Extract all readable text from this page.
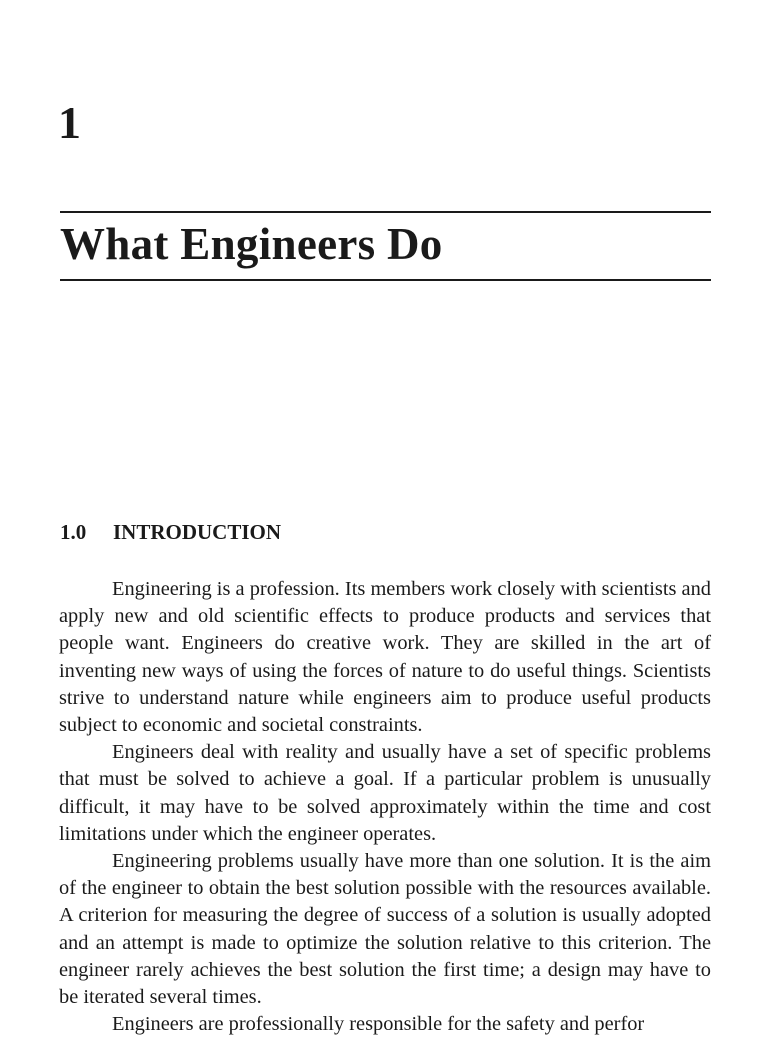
1
What Engineers Do
1.0 INTRODUCTION

Engineering is a profession. Its members work closely with scientists and apply new and old scientific effects to produce products and services that people want. Engineers do creative work. They are skilled in the art of inventing new ways of using the forces of nature to do useful things. Scientists strive to understand nature while engineers aim to produce useful products subject to economic and societal constraints.

Engineers deal with reality and usually have a set of specific problems that must be solved to achieve a goal. If a particular problem is unusually difficult, it may have to be solved approximately within the time and cost limitations under which the engineer operates.

Engineering problems usually have more than one solution. It is the aim of the engineer to obtain the best solution possible with the resources available. A criterion for measuring the degree of success of a solution is usually adopted and an attempt is made to optimize the solution relative to this criterion. The engineer rarely achieves the best solution the first time; a design may have to be iterated several times.

Engineers are professionally responsible for the safety and perfor
